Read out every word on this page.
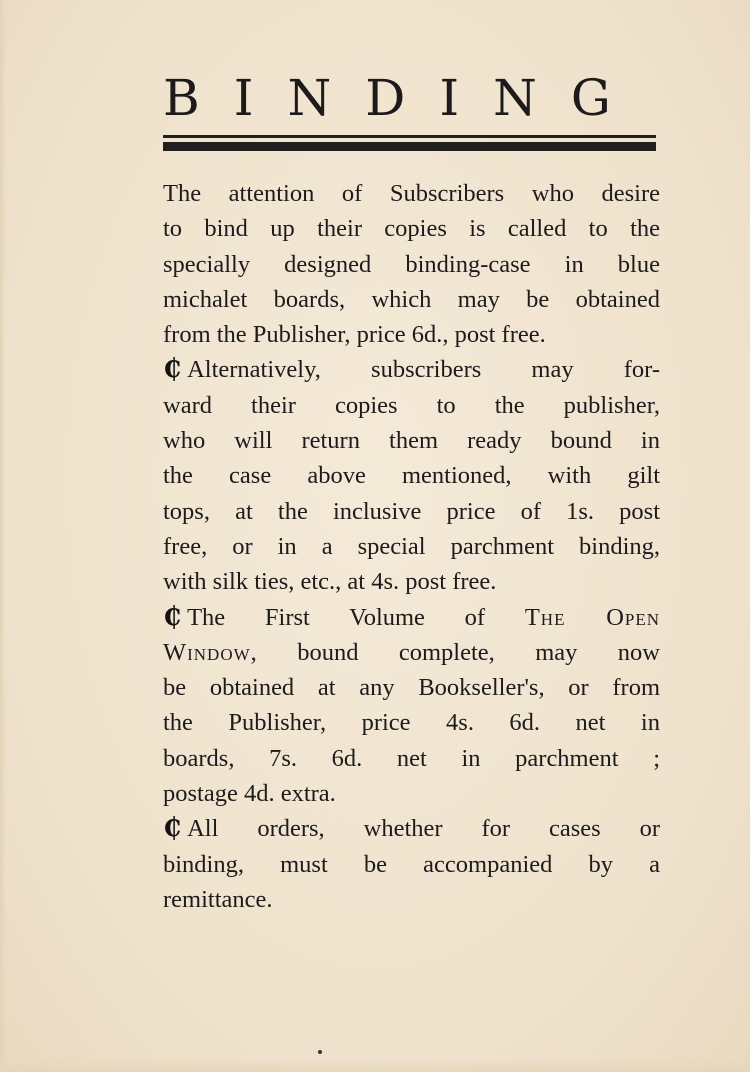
BINDING
The attention of Subscribers who desire
to bind up their copies is called to the
specially designed binding-case in blue
michalet boards, which may be obtained
from the Publisher, price 6d., post free.
₵ Alternatively, subscribers may for-
ward their copies to the publisher,
who will return them ready bound in
the case above mentioned, with gilt
tops, at the inclusive price of 1s. post
free, or in a special parchment binding,
with silk ties, etc., at 4s. post free.
₵ The First Volume of The Open
Window, bound complete, may now
be obtained at any Bookseller's, or from
the Publisher, price 4s. 6d. net in
boards, 7s. 6d. net in parchment ;
postage 4d. extra.
₵ All orders, whether for cases or
binding, must be accompanied by a
remittance.
